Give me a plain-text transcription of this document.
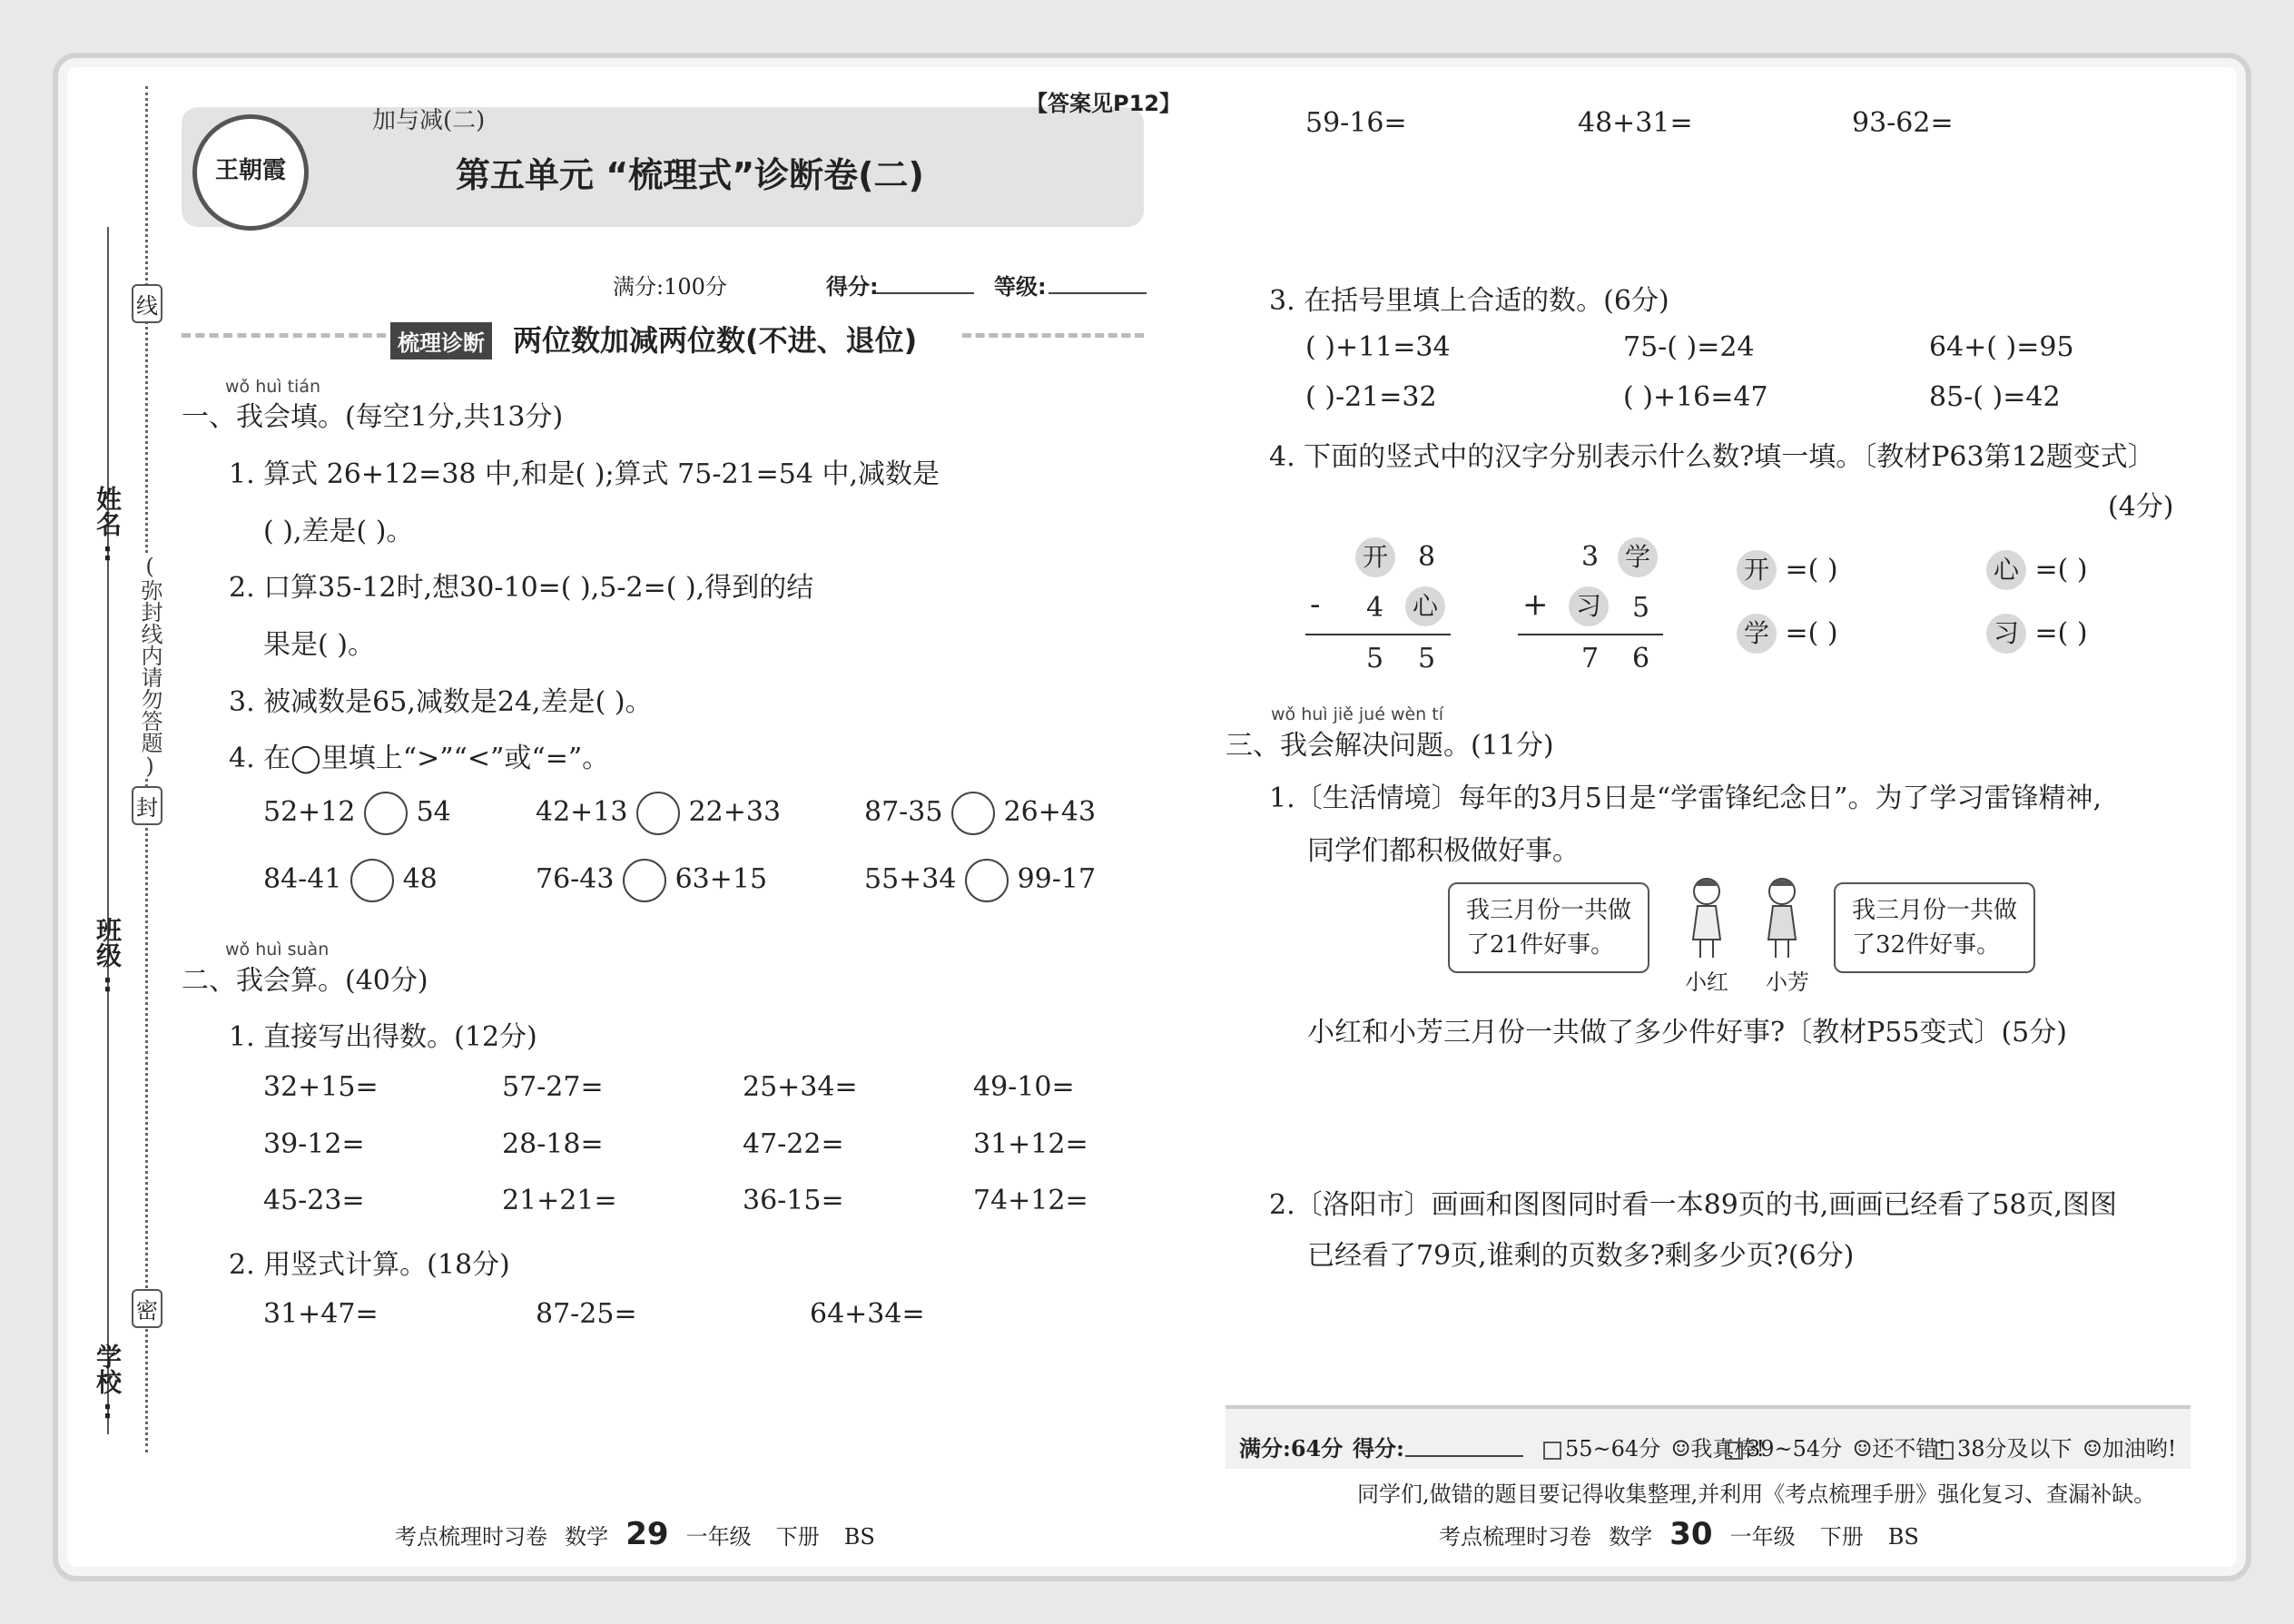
姓名:
班级:
学校:
(弥封线内请勿答题)
线
封
密
王朝霞
加与减(二)
【答案见P12】
第五单元 “梳理式”诊断卷(二)
满分:100分	得分:	等级:
梳理诊断 两位数加减两位数(不进、退位)
wǒ huì tián
一、我会填。(每空1分,共13分)
1. 算式 26+12=38 中,和是( );算式 75-21=54 中,减数是
( ),差是( )。
2. 口算35-12时,想30-10=( ),5-2=( ),得到的结
果是( )。
3. 被减数是65,减数是24,差是( )。
4. 在◯里填上“>”“<”或“=”。
52+12 54	42+13 22+33	87-35 26+43
84-41 48	76-43 63+15	55+34 99-17
wǒ huì suàn
二、我会算。(40分)
1. 直接写出得数。(12分)
32+15=	57-27=	25+34=	49-10=
39-12=	28-18=	47-22=	31+12=
45-23=	21+21=	36-15=	74+12=
2. 用竖式计算。(18分)
31+47=	87-25=	64+34=
考点梳理时习卷 数学 29 一年级 下册 BS
59-16=	48+31=	93-62=
3. 在括号里填上合适的数。(6分)
( )+11=34	75-( )=24	64+( )=95
( )-21=32	( )+16=47	85-( )=42
4. 下面的竖式中的汉字分别表示什么数?填一填。〔教材P63第12题变式〕
(4分)
开 8
- 4 心
5 5
3 学
+ 习 5
7 6
开 =( )	心 =( )
学 =( )	习 =( )
wǒ huì jiě jué wèn tí
三、我会解决问题。(11分)
1.〔生活情境〕每年的3月5日是“学雷锋纪念日”。为了学习雷锋精神,
同学们都积极做好事。
我三月份一共做
了21件好事。
我三月份一共做
了32件好事。
小红 小芳
小红和小芳三月份一共做了多少件好事?〔教材P55变式〕(5分)
2.〔洛阳市〕画画和图图同时看一本89页的书,画画已经看了58页,图图
已经看了79页,谁剩的页数多?剩多少页?(6分)
满分:64分 得分:	55~64分 ☺我真棒!
39~54分 ☺还不错! 38分及以下 ☺加油哟!
同学们,做错的题目要记得收集整理,并利用《考点梳理手册》强化复习、查漏补缺。
考点梳理时习卷 数学 30 一年级 下册 BS
